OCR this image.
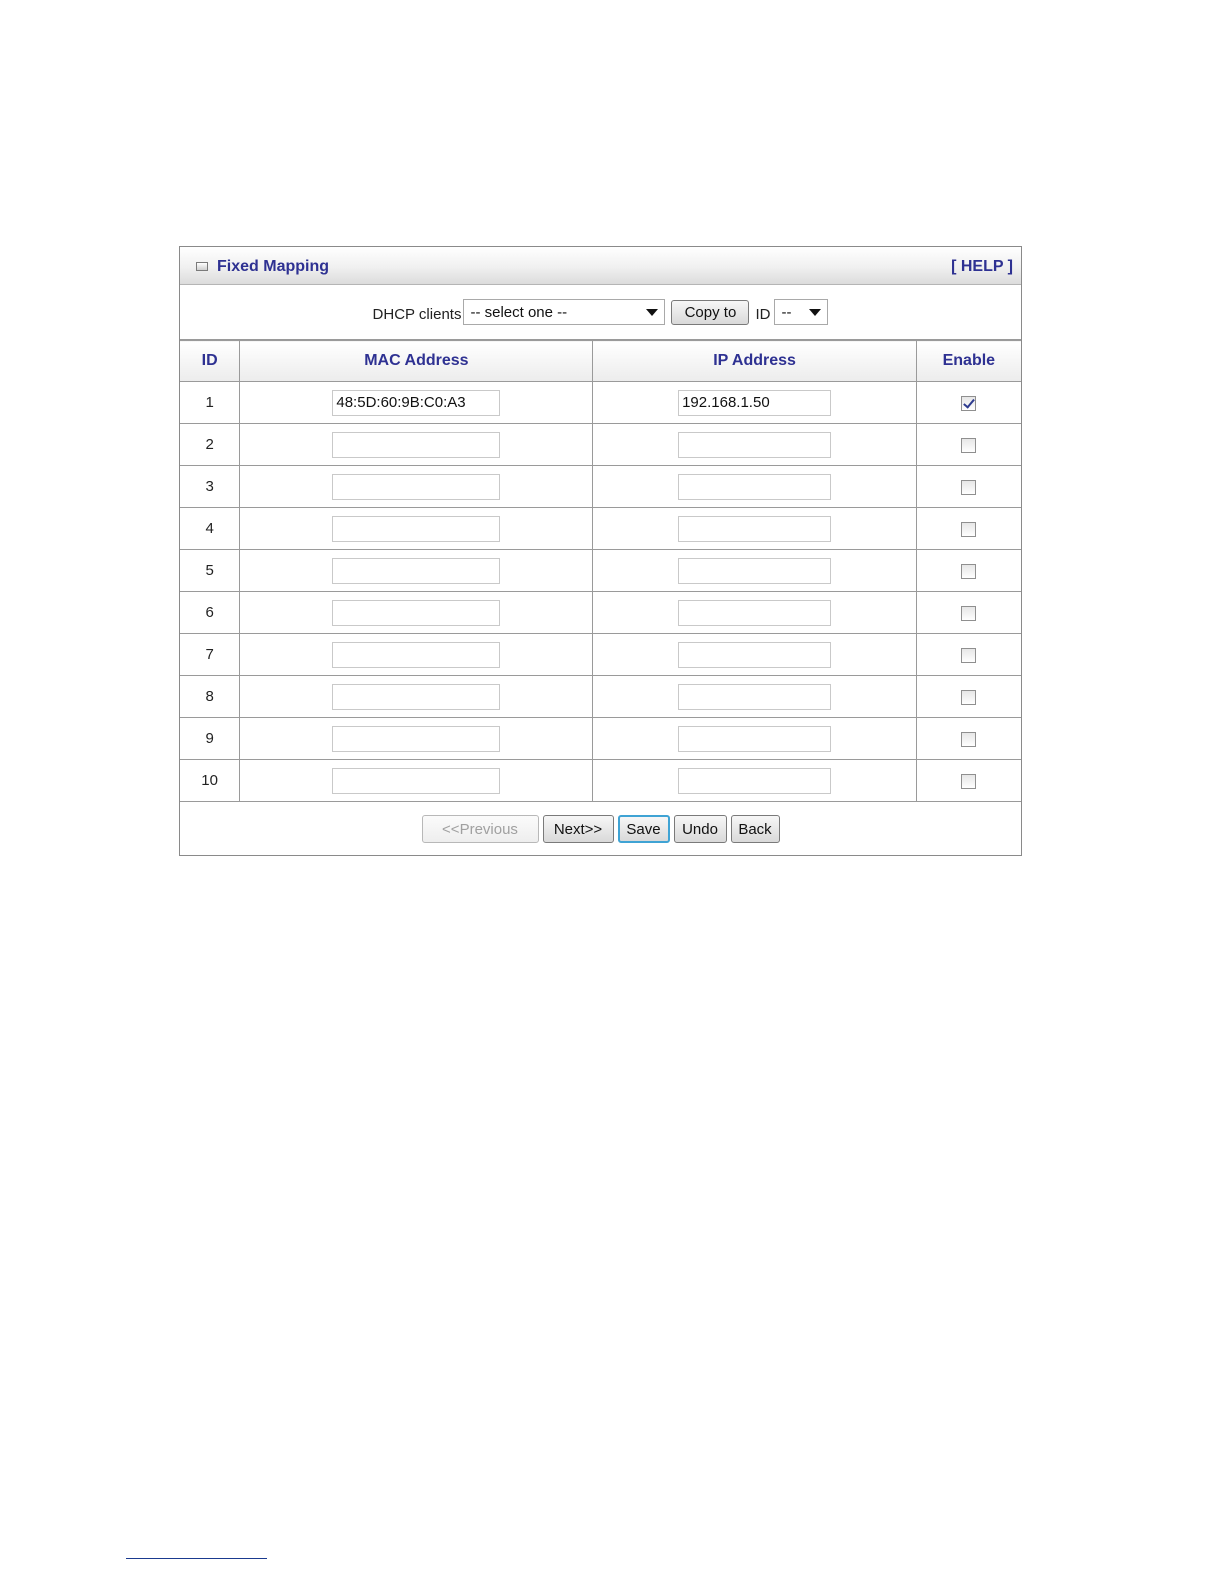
Fixed Mapping	[ HELP ]
DHCP clients -- select one --	Copy to	ID --
ID	MAC Address	IP Address	Enable
1	48:5D:60:9B:C0:A3	192.168.1.50	
2			
3			
4			
5			
6			
7			
8			
9			
10			
<<Previous	Next>>	Save	Undo	Back
